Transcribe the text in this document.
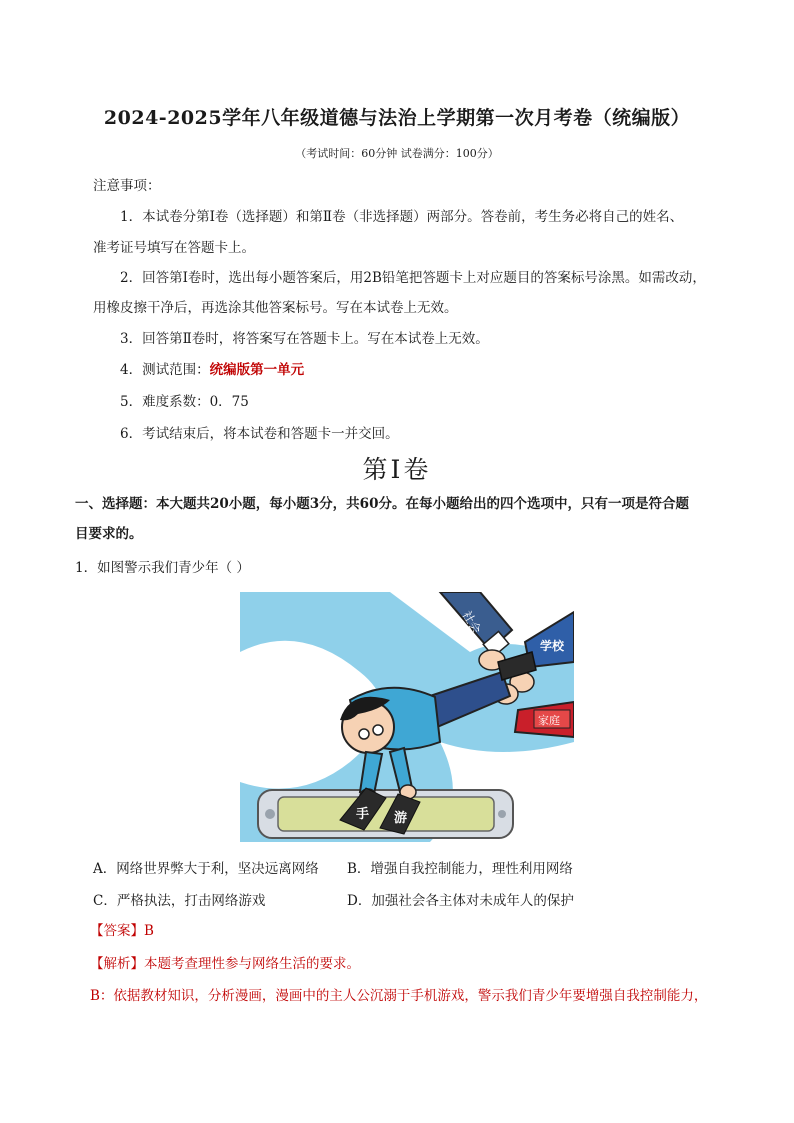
2024-2025学年八年级道德与法治上学期第一次月考卷（统编版）
（考试时间：60分钟 试卷满分：100分）
注意事项：
1．本试卷分第Ⅰ卷（选择题）和第Ⅱ卷（非选择题）两部分。答卷前，考生务必将自己的姓名、
准考证号填写在答题卡上。
2．回答第Ⅰ卷时，选出每小题答案后，用2B铅笔把答题卡上对应题目的答案标号涂黑。如需改动，
用橡皮擦干净后，再选涂其他答案标号。写在本试卷上无效。
3．回答第Ⅱ卷时，将答案写在答题卡上。写在本试卷上无效。
4．测试范围：统编版第一单元
5．难度系数：0．75
6．考试结束后，将本试卷和答题卡一并交回。
第Ⅰ卷
一、选择题：本大题共20小题，每小题3分，共60分。在每小题给出的四个选项中，只有一项是符合题
目要求的。
1．如图警示我们青少年（ ）
社会
学校
家庭
手 游
A．网络世界弊大于利，坚决远离网络 B．增强自我控制能力，理性利用网络
C．严格执法，打击网络游戏	D．加强社会各主体对未成年人的保护
【答案】B
【解析】本题考查理性参与网络生活的要求。
B：依据教材知识，分析漫画，漫画中的主人公沉溺于手机游戏，警示我们青少年要增强自我控制能力，
